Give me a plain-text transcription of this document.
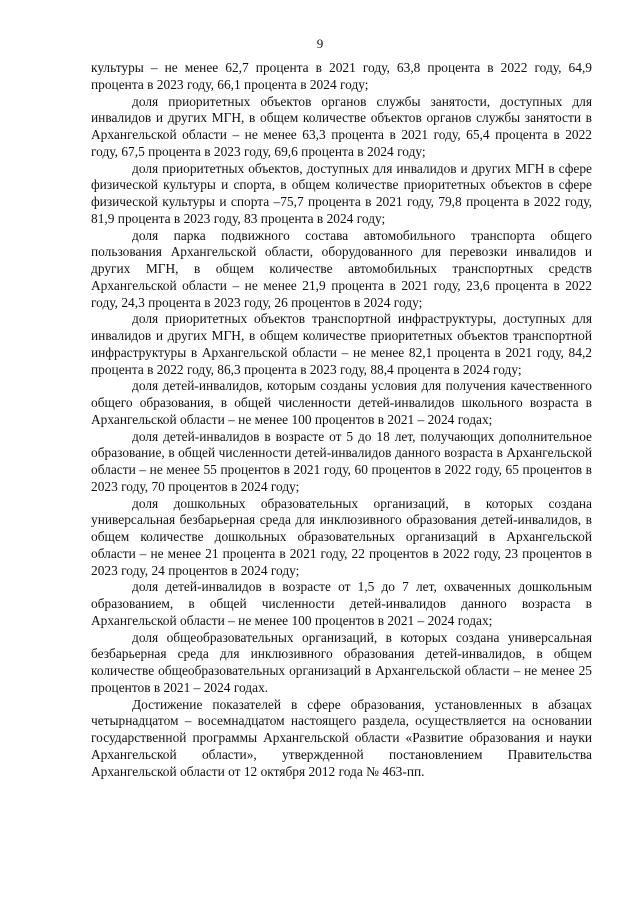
9

культуры – не менее 62,7 процента в 2021 году, 63,8 процента в 2022 году, 64,9 процента в 2023 году, 66,1 процента в 2024 году;

доля приоритетных объектов органов службы занятости, доступных для инвалидов и других МГН, в общем количестве объектов органов службы занятости в Архангельской области – не менее 63,3 процента в 2021 году, 65,4 процента в 2022 году, 67,5 процента в 2023 году, 69,6 процента в 2024 году;

доля приоритетных объектов, доступных для инвалидов и других МГН в сфере физической культуры и спорта, в общем количестве приоритетных объектов в сфере физической культуры и спорта –75,7 процента в 2021 году, 79,8 процента в 2022 году, 81,9 процента в 2023 году, 83 процента в 2024 году;

доля парка подвижного состава автомобильного транспорта общего пользования Архангельской области, оборудованного для перевозки инвалидов и других МГН, в общем количестве автомобильных транспортных средств Архангельской области – не менее 21,9 процента в 2021 году, 23,6 процента в 2022 году, 24,3 процента в 2023 году, 26 процентов в 2024 году;

доля приоритетных объектов транспортной инфраструктуры, доступных для инвалидов и других МГН, в общем количестве приоритетных объектов транспортной инфраструктуры в Архангельской области – не менее 82,1 процента в 2021 году, 84,2 процента в 2022 году, 86,3 процента в 2023 году, 88,4 процента в 2024 году;

доля детей-инвалидов, которым созданы условия для получения качественного общего образования, в общей численности детей-инвалидов школьного возраста в Архангельской области – не менее 100 процентов в 2021 – 2024 годах;

доля детей-инвалидов в возрасте от 5 до 18 лет, получающих дополнительное образование, в общей численности детей-инвалидов данного возраста в Архангельской области – не менее 55 процентов в 2021 году, 60 процентов в 2022 году, 65 процентов в 2023 году, 70 процентов в 2024 году;

доля дошкольных образовательных организаций, в которых создана универсальная безбарьерная среда для инклюзивного образования детей-инвалидов, в общем количестве дошкольных образовательных организаций в Архангельской области – не менее 21 процента в 2021 году, 22 процентов в 2022 году, 23 процентов в 2023 году, 24 процентов в 2024 году;

доля детей-инвалидов в возрасте от 1,5 до 7 лет, охваченных дошкольным образованием, в общей численности детей-инвалидов данного возраста в Архангельской области – не менее 100 процентов в 2021 – 2024 годах;

доля общеобразовательных организаций, в которых создана универсальная безбарьерная среда для инклюзивного образования детей-инвалидов, в общем количестве общеобразовательных организаций в Архангельской области – не менее 25 процентов в 2021 – 2024 годах.

Достижение показателей в сфере образования, установленных в абзацах четырнадцатом – восемнадцатом настоящего раздела, осуществляется на основании государственной программы Архангельской области «Развитие образования и науки Архангельской области», утвержденной постановлением Правительства Архангельской области от 12 октября 2012 года № 463-пп.
